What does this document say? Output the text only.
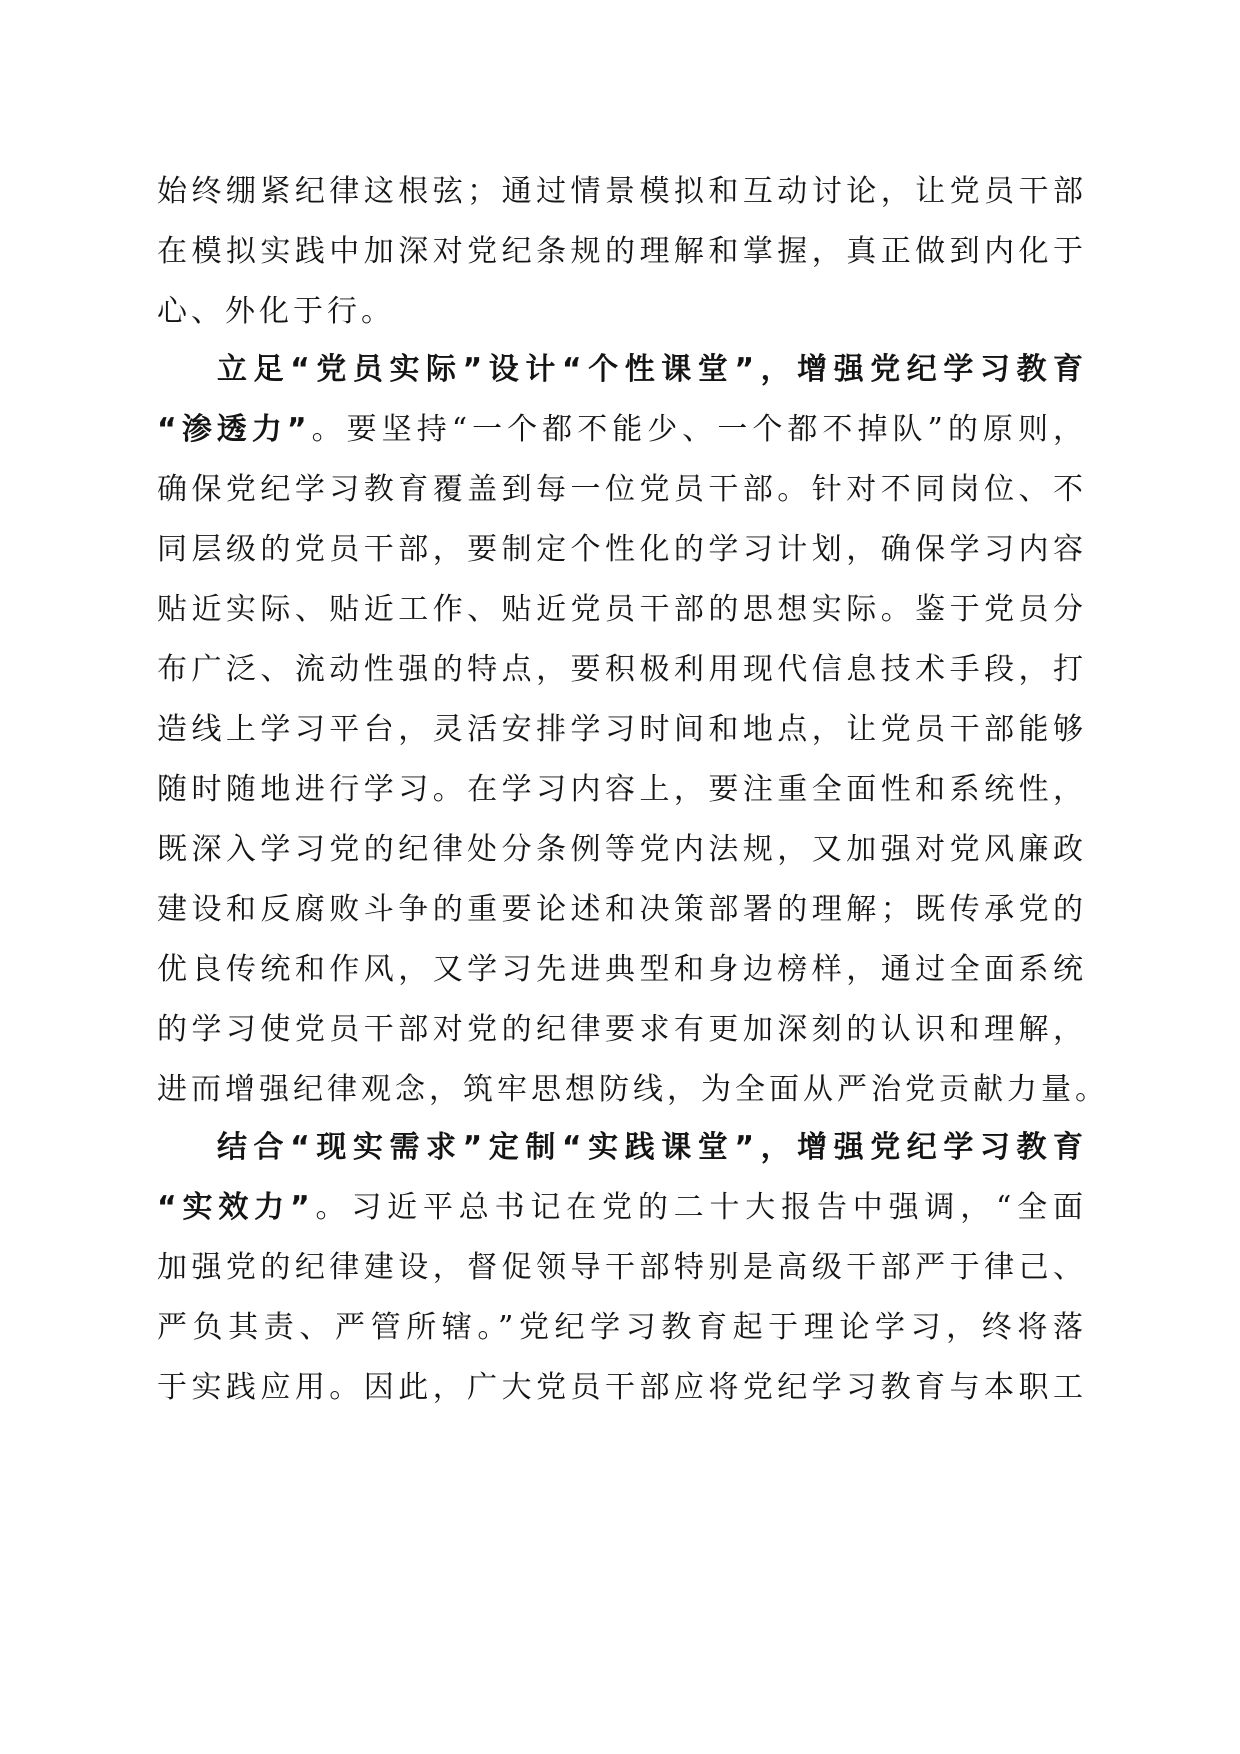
始终绷紧纪律这根弦；通过情景模拟和互动讨论，让党员干部
在模拟实践中加深对党纪条规的理解和掌握，真正做到内化于
心、外化于行。
立足“党员实际”设计“个性课堂”，增强党纪学习教育
“渗透力”。要坚持“一个都不能少、一个都不掉队”的原则，
确保党纪学习教育覆盖到每一位党员干部。针对不同岗位、不
同层级的党员干部，要制定个性化的学习计划，确保学习内容
贴近实际、贴近工作、贴近党员干部的思想实际。鉴于党员分
布广泛、流动性强的特点，要积极利用现代信息技术手段，打
造线上学习平台，灵活安排学习时间和地点，让党员干部能够
随时随地进行学习。在学习内容上，要注重全面性和系统性，
既深入学习党的纪律处分条例等党内法规，又加强对党风廉政
建设和反腐败斗争的重要论述和决策部署的理解；既传承党的
优良传统和作风，又学习先进典型和身边榜样，通过全面系统
的学习使党员干部对党的纪律要求有更加深刻的认识和理解，
进而增强纪律观念，筑牢思想防线，为全面从严治党贡献力量。
结合“现实需求”定制“实践课堂”，增强党纪学习教育
“实效力”。习近平总书记在党的二十大报告中强调，“全面
加强党的纪律建设，督促领导干部特别是高级干部严于律己、
严负其责、严管所辖。”党纪学习教育起于理论学习，终将落
于实践应用。因此，广大党员干部应将党纪学习教育与本职工
